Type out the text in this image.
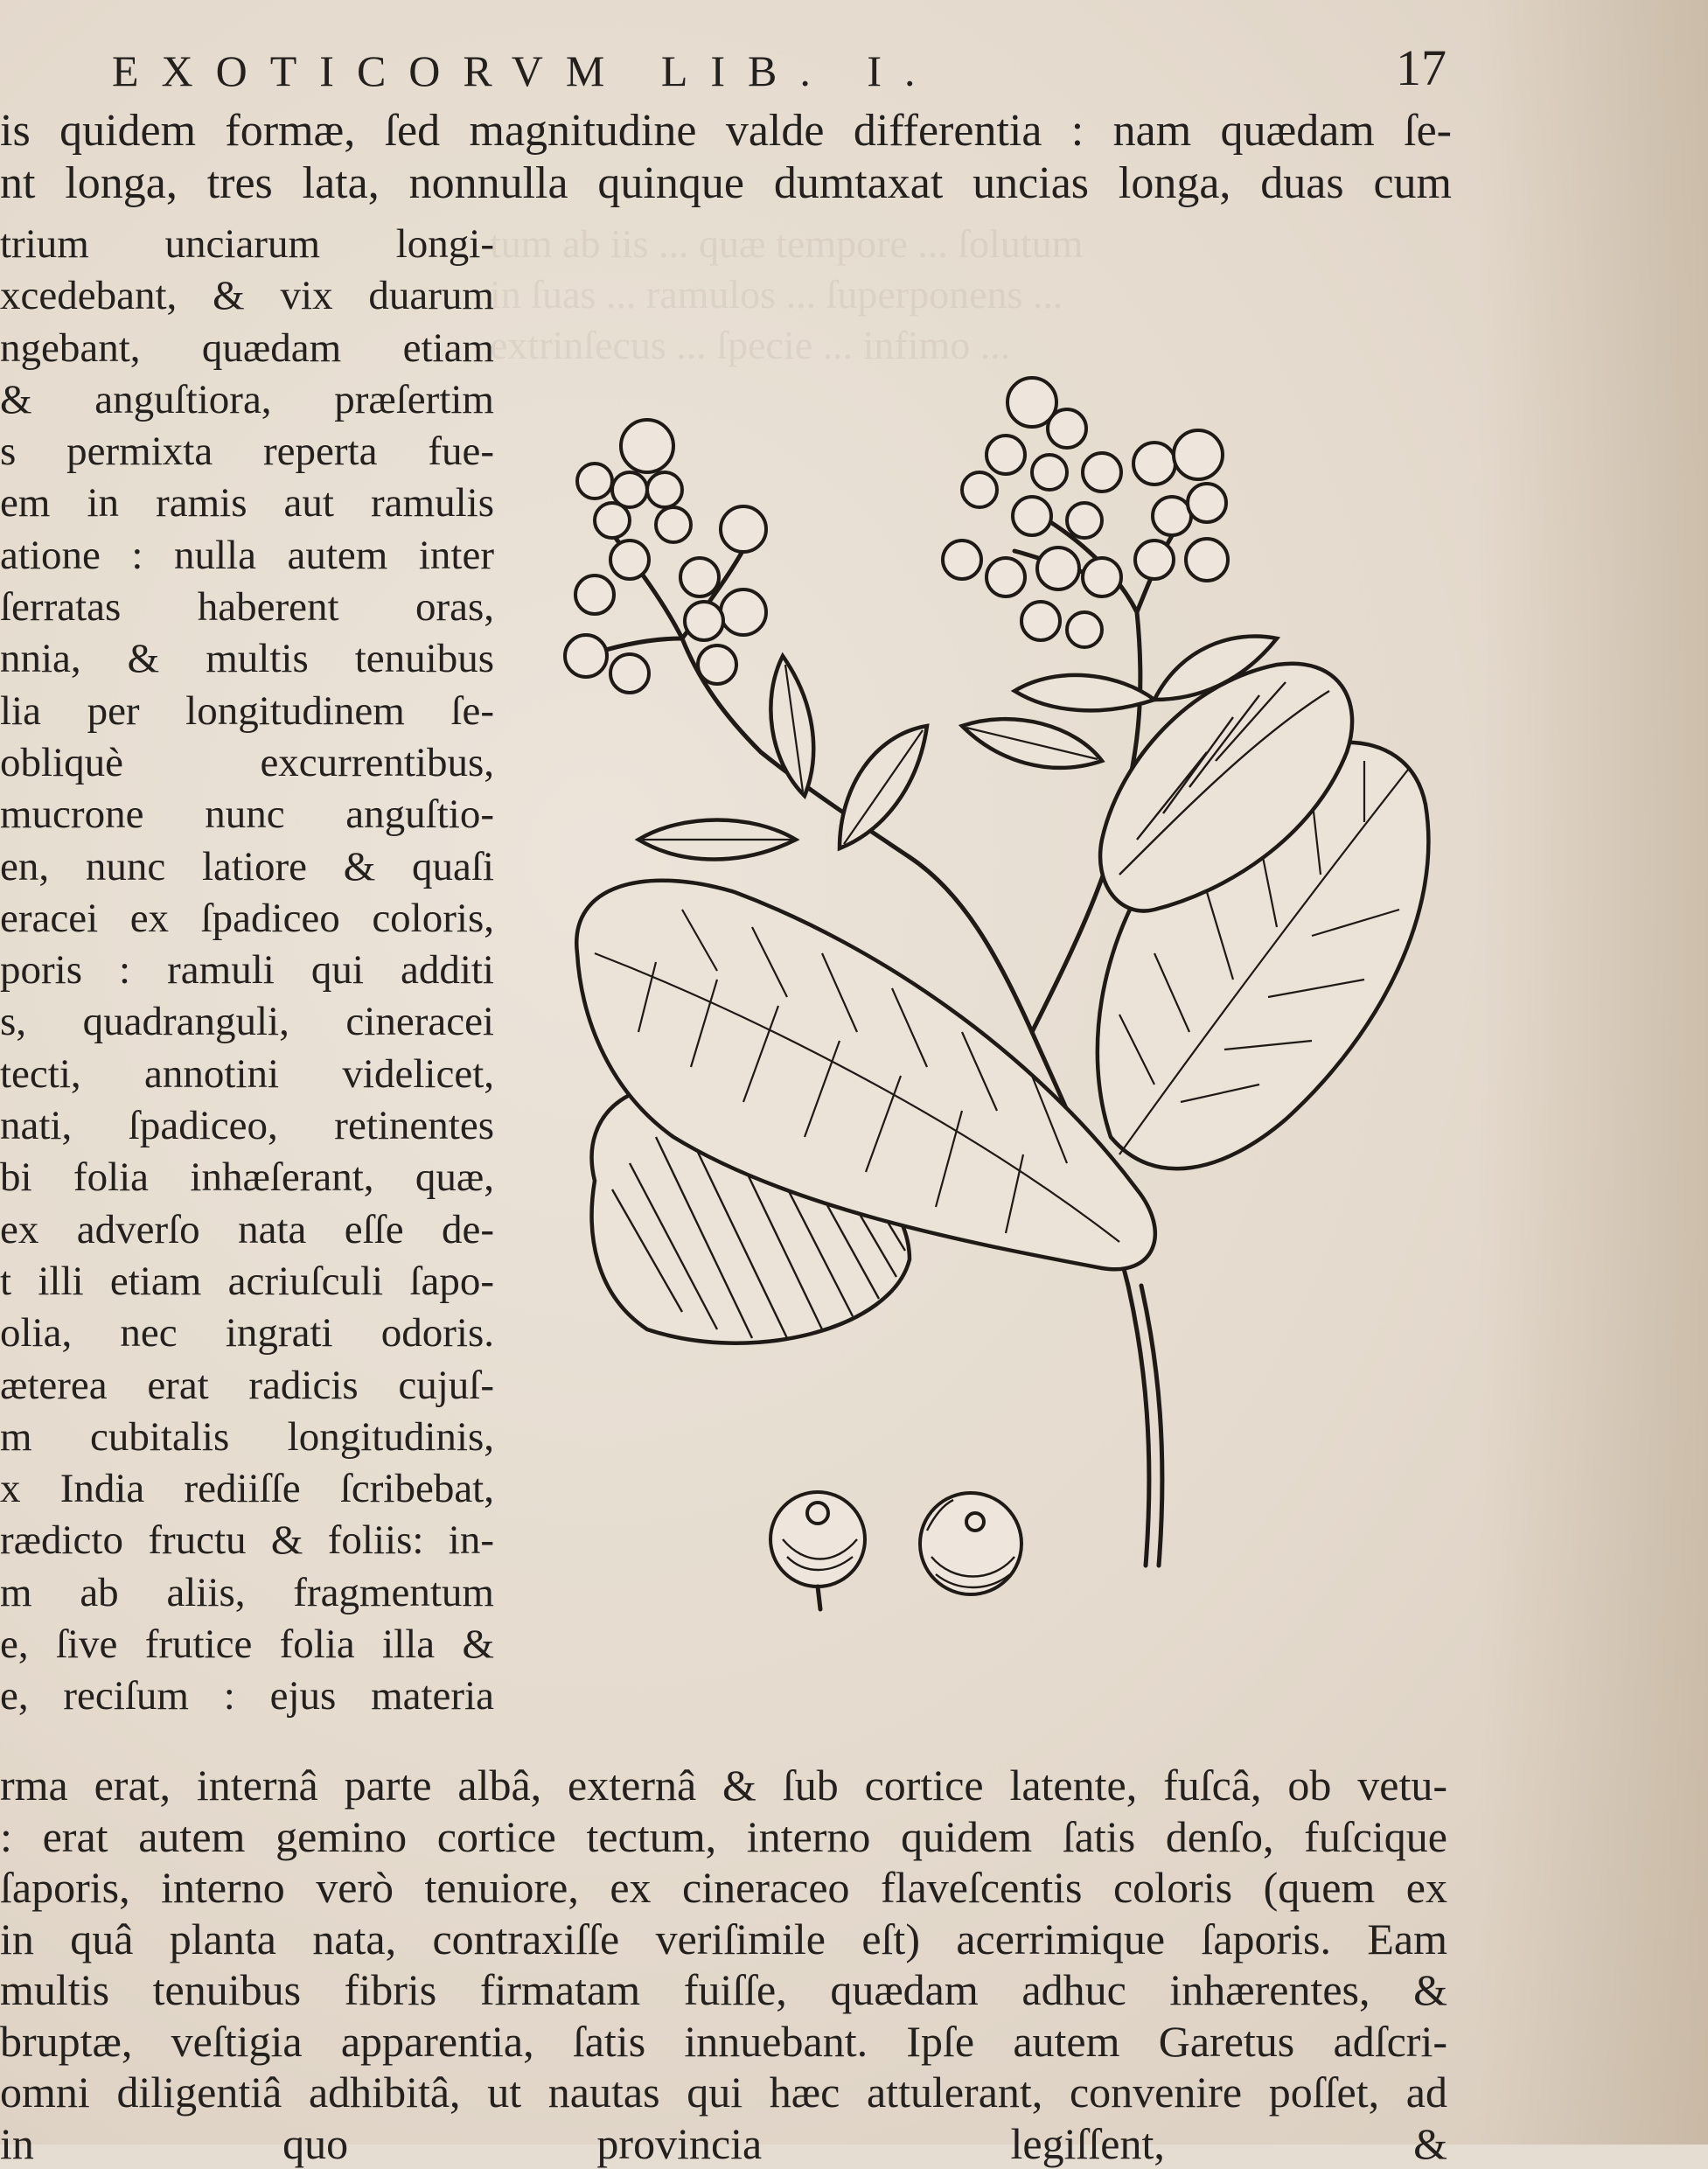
tum ab iis ... quæ tempore ... ſolutum
in ſuas ... ramulos ... ſuperponens ...
extrinſecus ... ſpecie ... infimo ...
EXOTICORVM LIB. I.	17
is quidem formæ, ſed magnitudine valde differentia : nam quædam ſe-
nt longa, tres lata, nonnulla quinque dumtaxat uncias longa, duas cum
trium unciarum longi-
xcedebant, & vix duarum
ngebant, quædam etiam
& anguſtiora, præſertim
s permixta reperta fue-
em in ramis aut ramulis
atione : nulla autem inter
ſerratas haberent oras,
nnia, & multis tenuibus
lia per longitudinem ſe-
obliquè excurrentibus,
mucrone nunc anguſtio-
en, nunc latiore & quaſi
eracei ex ſpadiceo coloris,
poris : ramuli qui additi
s, quadranguli, cineracei
tecti, annotini videlicet,
nati, ſpadiceo, retinentes
bi folia inhæſerant, quæ,
ex adverſo nata eſſe de-
t illi etiam acriuſculi ſapo-
olia, nec ingrati odoris.
æterea erat radicis cujuſ-
m cubitalis longitudinis,
x India rediiſſe ſcribebat,
rædicto fructu & foliis: in-
m ab aliis, fragmentum
e, ſive frutice folia illa &
e, reciſum : ejus materia
rma erat, internâ parte albâ, externâ & ſub cortice latente, fuſcâ, ob vetu-
: erat autem gemino cortice tectum, interno quidem ſatis denſo, fuſcique
ſaporis, interno verò tenuiore, ex cineraceo flaveſcentis coloris (quem ex
in quâ planta nata, contraxiſſe veriſimile eſt) acerrimique ſaporis. Eam
multis tenuibus fibris firmatam fuiſſe, quædam adhuc inhærentes, &
bruptæ, veſtigia apparentia, ſatis innuebant. Ipſe autem Garetus adſcri-
omni diligentiâ adhibitâ, ut nautas qui hæc attulerant, convenire poſſet, ad
in quo provincia legiſſent, &
